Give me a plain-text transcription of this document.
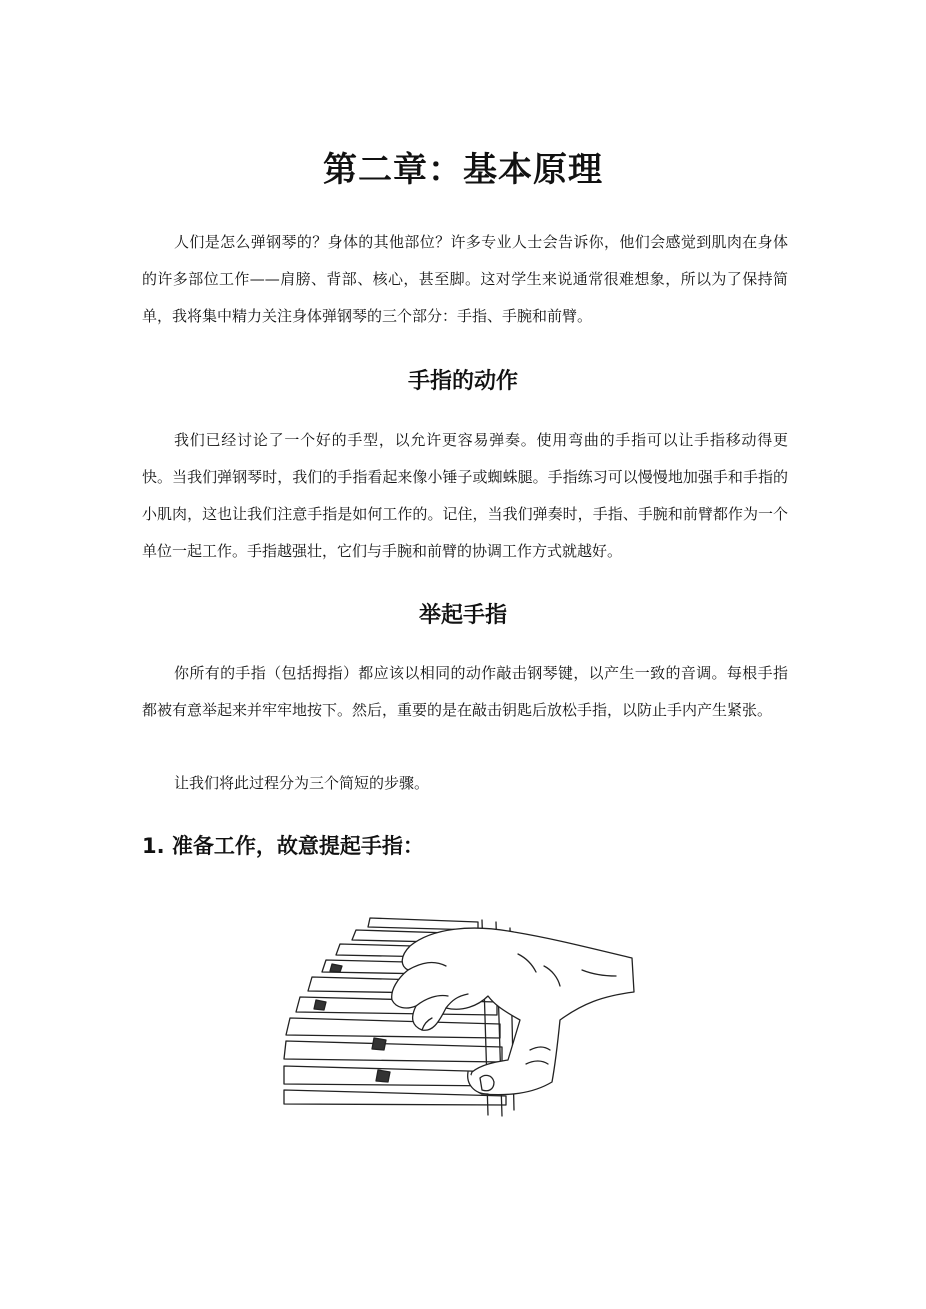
第二章：基本原理

人们是怎么弹钢琴的？身体的其他部位？许多专业人士会告诉你，他们会感觉到肌肉在身体的许多部位工作——肩膀、背部、核心，甚至脚。这对学生来说通常很难想象，所以为了保持简单，我将集中精力关注身体弹钢琴的三个部分：手指、手腕和前臂。

手指的动作

我们已经讨论了一个好的手型，以允许更容易弹奏。使用弯曲的手指可以让手指移动得更快。当我们弹钢琴时，我们的手指看起来像小锤子或蜘蛛腿。手指练习可以慢慢地加强手和手指的小肌肉，这也让我们注意手指是如何工作的。记住，当我们弹奏时，手指、手腕和前臂都作为一个单位一起工作。手指越强壮，它们与手腕和前臂的协调工作方式就越好。

举起手指

你所有的手指（包括拇指）都应该以相同的动作敲击钢琴键，以产生一致的音调。每根手指都被有意举起来并牢牢地按下。然后，重要的是在敲击钥匙后放松手指，以防止手内产生紧张。

让我们将此过程分为三个简短的步骤。

1. 准备工作，故意提起手指：
